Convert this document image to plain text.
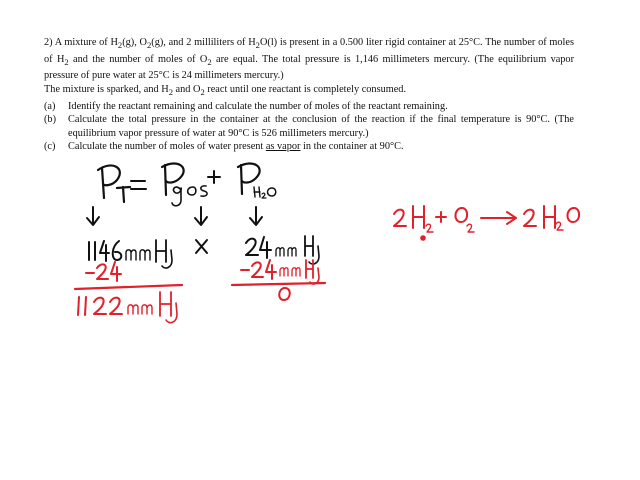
2) A mixture of $H_2(g)$, $O_2(g)$, and 2 milliliters of $H_2O(l)$ is present in a 0.500 liter rigid container at 25°C. The number of moles of $H_2$ and the number of moles of $O_2$ are equal. The total pressure is 1,146 millimeters mercury. (The equilibrium vapor pressure of pure water at 25°C is 24 millimeters mercury.)

The mixture is sparked, and $H_2$ and $O_2$ react until one reactant is completely consumed.

(a) Identify the reactant remaining and calculate the number of moles of the reactant remaining.

(b) Calculate the total pressure in the container at the conclusion of the reaction if the final temperature is 90°C. (The equilibrium vapor pressure of water at 90°C is 526 millimeters mercury.)

(c) Calculate the number of moles of water present as vapor in the container at 90°C.
